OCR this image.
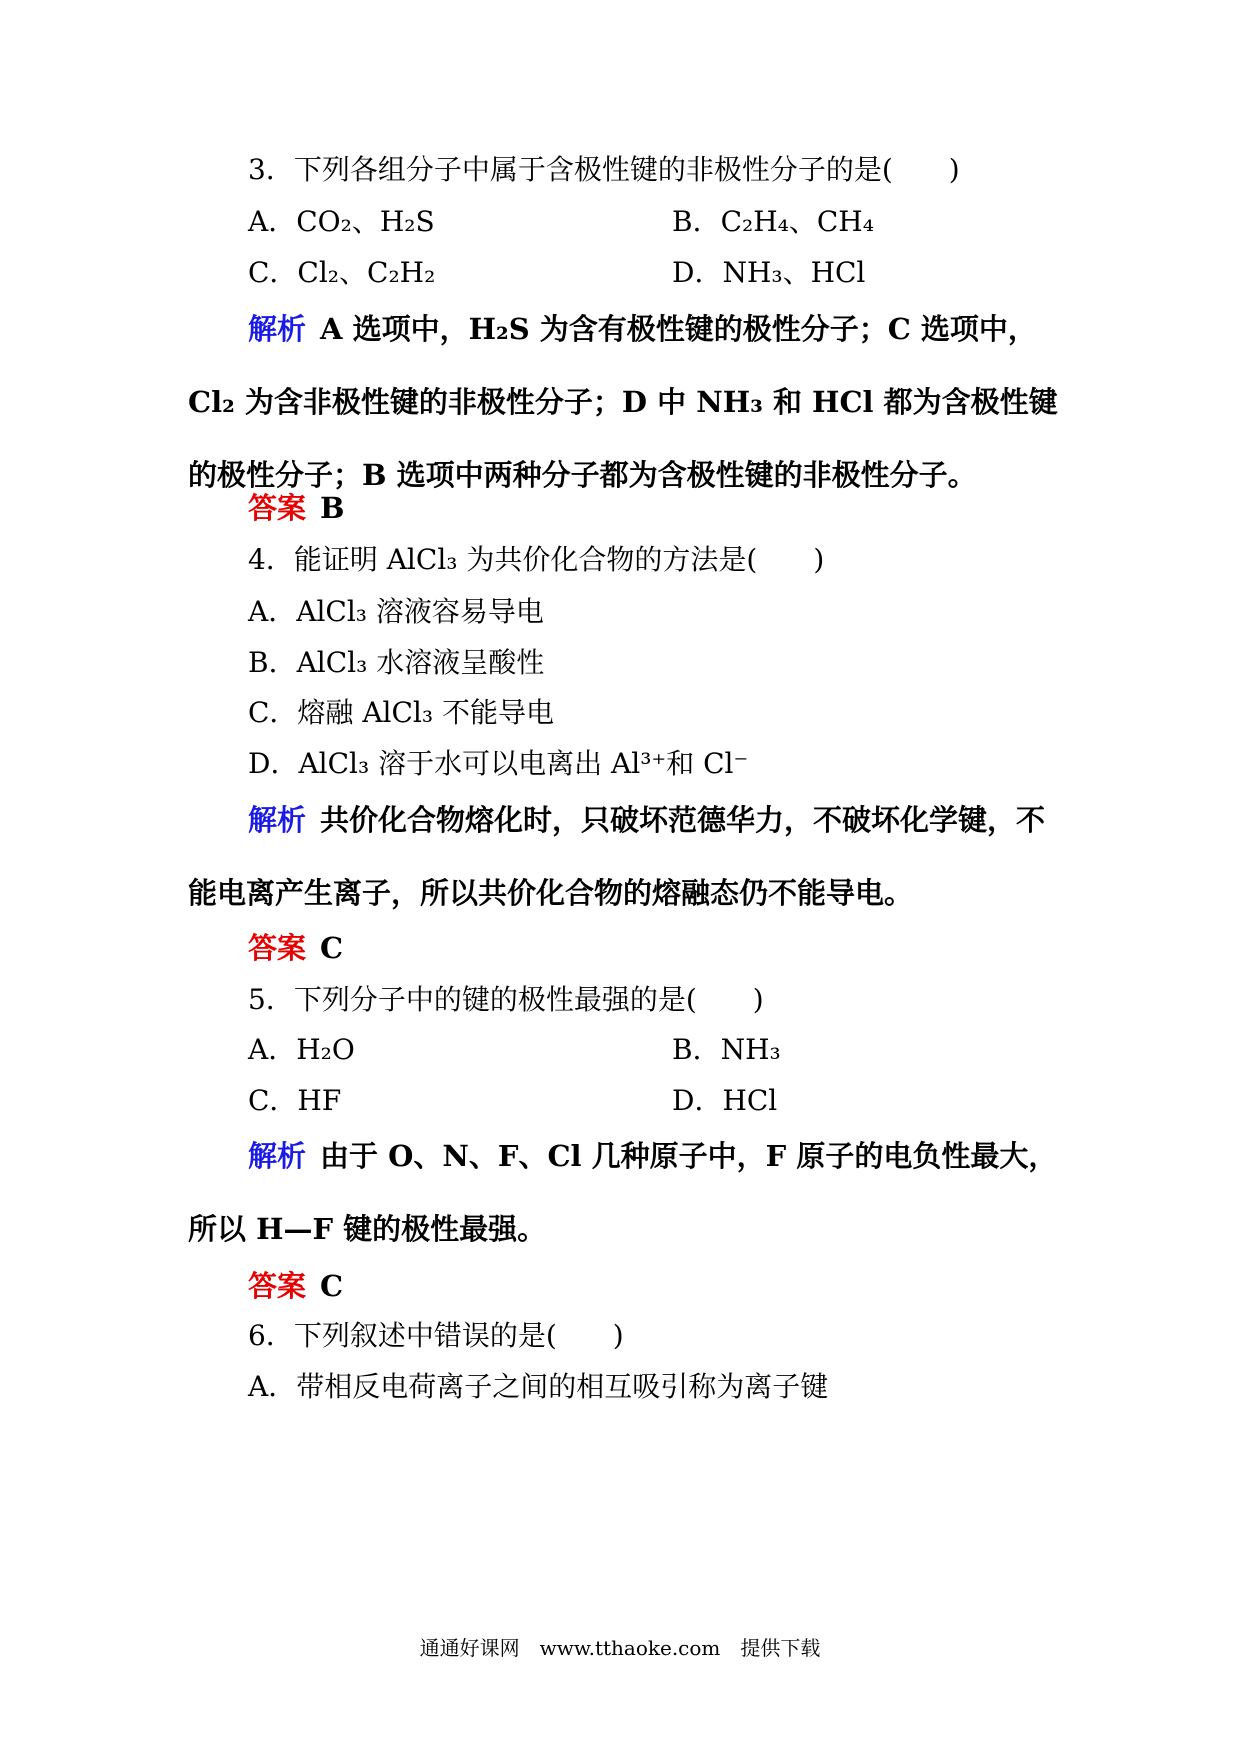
3．下列各组分子中属于含极性键的非极性分子的是(　　)
A．CO₂、H₂S	B．C₂H₄、CH₄
C．Cl₂、C₂H₂	D．NH₃、HCl
解析 A 选项中，H₂S 为含有极性键的极性分子；C 选项中，Cl₂ 为含非极性键的非极性分子；D 中 NH₃ 和 HCl 都为含极性键的极性分子；B 选项中两种分子都为含极性键的非极性分子。
答案 B
4．能证明 AlCl₃ 为共价化合物的方法是(　　)
A．AlCl₃ 溶液容易导电
B．AlCl₃ 水溶液呈酸性
C．熔融 AlCl₃ 不能导电
D．AlCl₃ 溶于水可以电离出 Al³⁺和 Cl⁻
解析 共价化合物熔化时，只破坏范德华力，不破坏化学键，不能电离产生离子，所以共价化合物的熔融态仍不能导电。
答案 C
5．下列分子中的键的极性最强的是(　　)
A．H₂O	B．NH₃
C．HF	D．HCl
解析 由于 O、N、F、Cl 几种原子中，F 原子的电负性最大，所以 H—F 键的极性最强。
答案 C
6．下列叙述中错误的是(　　)
A．带相反电荷离子之间的相互吸引称为离子键
通通好课网　www.tthaoke.com　提供下载
